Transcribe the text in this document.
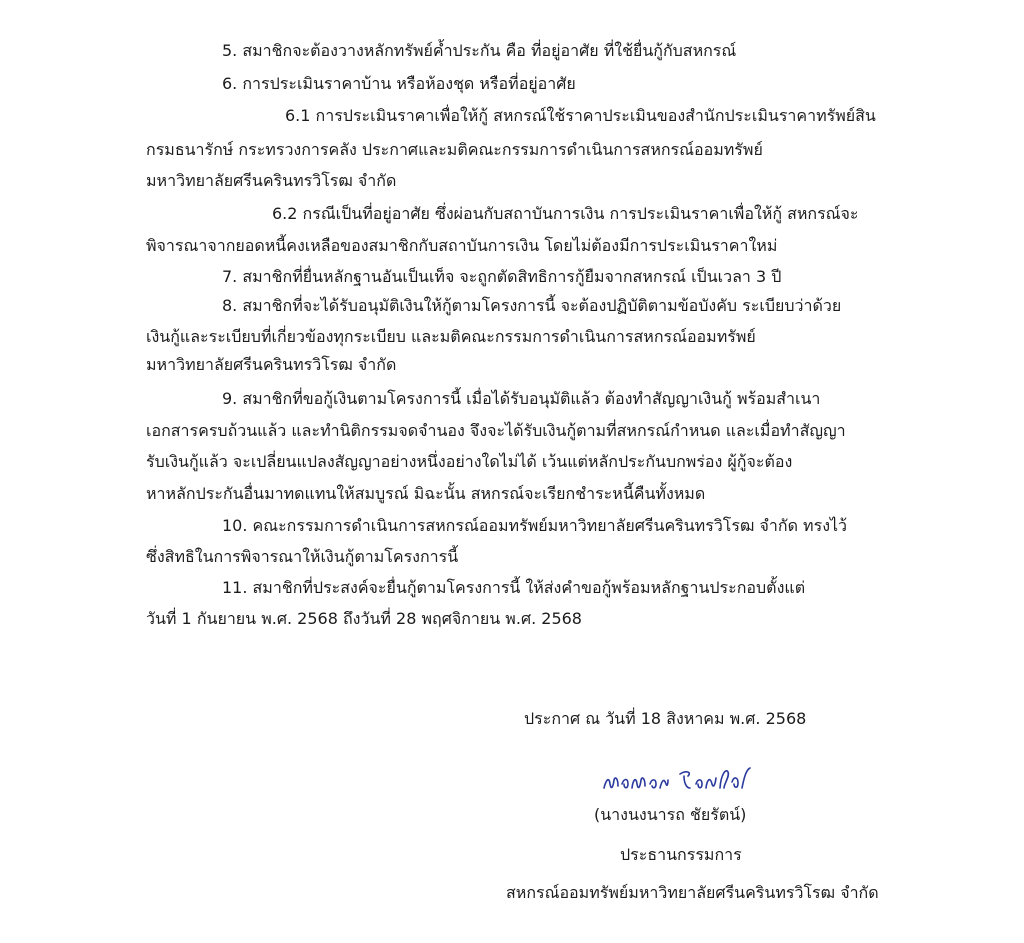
5. สมาชิกจะต้องวางหลักทรัพย์ค้ำประกัน คือ ที่อยู่อาศัย ที่ใช้ยื่นกู้กับสหกรณ์
6. การประเมินราคาบ้าน หรือห้องชุด หรือที่อยู่อาศัย
6.1 การประเมินราคาเพื่อให้กู้ สหกรณ์ใช้ราคาประเมินของสำนักประเมินราคาทรัพย์สิน
กรมธนารักษ์ กระทรวงการคลัง ประกาศและมติคณะกรรมการดำเนินการสหกรณ์ออมทรัพย์
มหาวิทยาลัยศรีนครินทรวิโรฒ จำกัด
6.2 กรณีเป็นที่อยู่อาศัย ซึ่งผ่อนกับสถาบันการเงิน การประเมินราคาเพื่อให้กู้ สหกรณ์จะ
พิจารณาจากยอดหนี้คงเหลือของสมาชิกกับสถาบันการเงิน โดยไม่ต้องมีการประเมินราคาใหม่
7. สมาชิกที่ยื่นหลักฐานอันเป็นเท็จ จะถูกตัดสิทธิการกู้ยืมจากสหกรณ์ เป็นเวลา 3 ปี
8. สมาชิกที่จะได้รับอนุมัติเงินให้กู้ตามโครงการนี้ จะต้องปฏิบัติตามข้อบังคับ ระเบียบว่าด้วย
เงินกู้และระเบียบที่เกี่ยวข้องทุกระเบียบ และมติคณะกรรมการดำเนินการสหกรณ์ออมทรัพย์
มหาวิทยาลัยศรีนครินทรวิโรฒ จำกัด
9. สมาชิกที่ขอกู้เงินตามโครงการนี้ เมื่อได้รับอนุมัติแล้ว ต้องทำสัญญาเงินกู้ พร้อมสำเนา
เอกสารครบถ้วนแล้ว และทำนิติกรรมจดจำนอง จึงจะได้รับเงินกู้ตามที่สหกรณ์กำหนด และเมื่อทำสัญญา
รับเงินกู้แล้ว จะเปลี่ยนแปลงสัญญาอย่างหนึ่งอย่างใดไม่ได้ เว้นแต่หลักประกันบกพร่อง ผู้กู้จะต้อง
หาหลักประกันอื่นมาทดแทนให้สมบูรณ์ มิฉะนั้น สหกรณ์จะเรียกชำระหนี้คืนทั้งหมด
10. คณะกรรมการดำเนินการสหกรณ์ออมทรัพย์มหาวิทยาลัยศรีนครินทรวิโรฒ จำกัด ทรงไว้
ซึ่งสิทธิในการพิจารณาให้เงินกู้ตามโครงการนี้
11. สมาชิกที่ประสงค์จะยื่นกู้ตามโครงการนี้ ให้ส่งคำขอกู้พร้อมหลักฐานประกอบตั้งแต่
วันที่ 1 กันยายน พ.ศ. 2568 ถึงวันที่ 28 พฤศจิกายน พ.ศ. 2568
ประกาศ ณ วันที่ 18 สิงหาคม พ.ศ. 2568
(นางนงนารถ ชัยรัตน์)
ประธานกรรมการ
สหกรณ์ออมทรัพย์มหาวิทยาลัยศรีนครินทรวิโรฒ จำกัด
